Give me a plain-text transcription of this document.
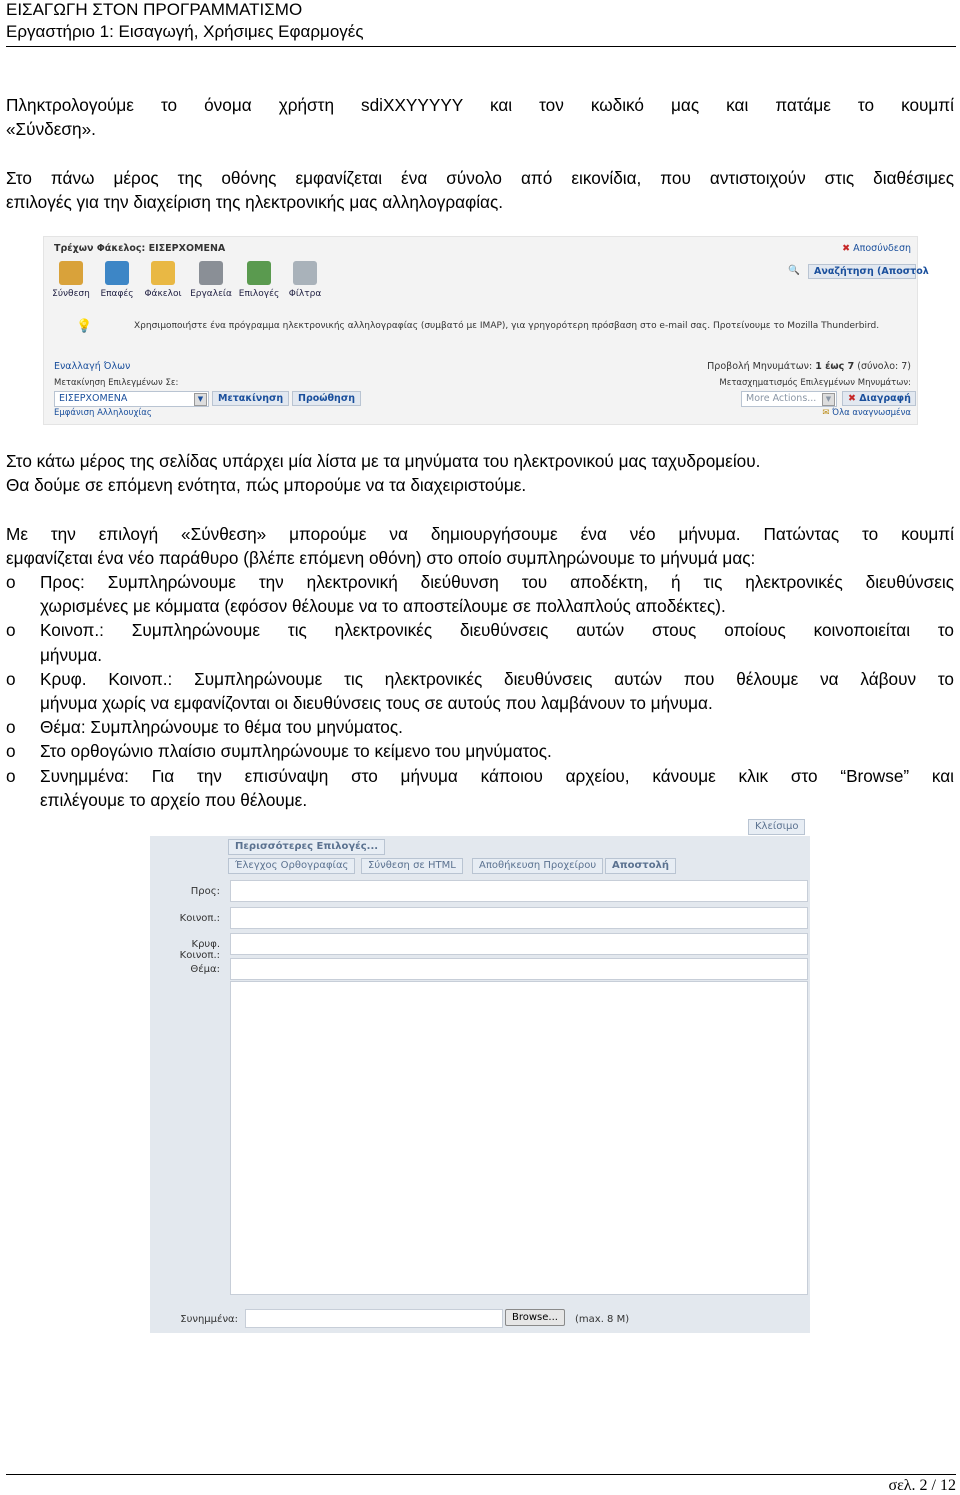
ΕΙΣΑΓΩΓΗ ΣΤΟΝ ΠΡΟΓΡΑΜΜΑΤΙΣΜΟ
Εργαστήριο 1: Εισαγωγή, Χρήσιμες Εφαρμογές
Πληκτρολογούμε το όνομα χρήστη sdiXXYYYYY και τον κωδικό μας και πατάμε το κουμπί
«Σύνδεση».
Στο πάνω μέρος της οθόνης εμφανίζεται ένα σύνολο από εικονίδια, που αντιστοιχούν στις διαθέσιμες
επιλογές για την διαχείριση της ηλεκτρονικής μας αλληλογραφίας.
Τρέχων Φάκελος: ΕΙΣΕΡΧΟΜΕΝΑ	✖ Αποσύνδεση
Σύνθεση	Επαφές	Φάκελοι Εργαλεία Επιλογές	Φίλτρα
🔍	Αναζήτηση (Αποστολ
💡	Χρησιμοποιήστε ένα πρόγραμμα ηλεκτρονικής αλληλογραφίας (συμβατό με IMAP), για γρηγορότερη πρόσβαση στο e-mail σας. Προτείνουμε το Mozilla Thunderbird.
Εναλλαγή Όλων	Προβολή Μηνυμάτων: 1 έως 7 (σύνολο: 7)
Μετακίνηση Επιλεγμένων Σε:	Μετασχηματισμός Επιλεγμένων Μηνυμάτων:
ΕΙΣΕΡΧΟΜΕΝΑ	▼	Μετακίνηση	Προώθηση	More Actions...	▼	✖ Διαγραφή
Εμφάνιση Αλληλουχίας	✉ Όλα αναγνωσμένα
Στο κάτω μέρος της σελίδας υπάρχει μία λίστα με τα μηνύματα του ηλεκτρονικού μας ταχυδρομείου.
Θα δούμε σε επόμενη ενότητα, πώς μπορούμε να τα διαχειριστούμε.
Με την επιλογή «Σύνθεση» μπορούμε να δημιουργήσουμε ένα νέο μήνυμα. Πατώντας το κουμπί
εμφανίζεται ένα νέο παράθυρο (βλέπε επόμενη οθόνη) στο οποίο συμπληρώνουμε το μήνυμά μας:
o Προς: Συμπληρώνουμε την ηλεκτρονική διεύθυνση του αποδέκτη, ή τις ηλεκτρονικές διευθύνσεις
χωρισμένες με κόμματα (εφόσον θέλουμε να το αποστείλουμε σε πολλαπλούς αποδέκτες).
o Κοινοπ.: Συμπληρώνουμε τις ηλεκτρονικές διευθύνσεις αυτών στους οποίους κοινοποιείται το
μήνυμα.
o Κρυφ. Κοινοπ.: Συμπληρώνουμε τις ηλεκτρονικές διευθύνσεις αυτών που θέλουμε να λάβουν το
μήνυμα χωρίς να εμφανίζονται οι διευθύνσεις τους σε αυτούς που λαμβάνουν το μήνυμα.
o Θέμα: Συμπληρώνουμε το θέμα του μηνύματος.
o Στο ορθογώνιο πλαίσιο συμπληρώνουμε το κείμενο του μηνύματος.
o Συνημμένα: Για την επισύναψη στο μήνυμα κάποιου αρχείου, κάνουμε κλικ στο “Browse” και
επιλέγουμε το αρχείο που θέλουμε.
Κλείσιμο
Περισσότερες Επιλογές...
Έλεγχος Ορθογραφίας	Σύνθεση σε HTML	Αποθήκευση Προχείρου	Αποστολή
Προς:
Κοινοπ.:
Κρυφ. Κοινοπ.:
Θέμα:
Συνημμένα:	Browse...	(max. 8 M)
σελ. 2 / 12
